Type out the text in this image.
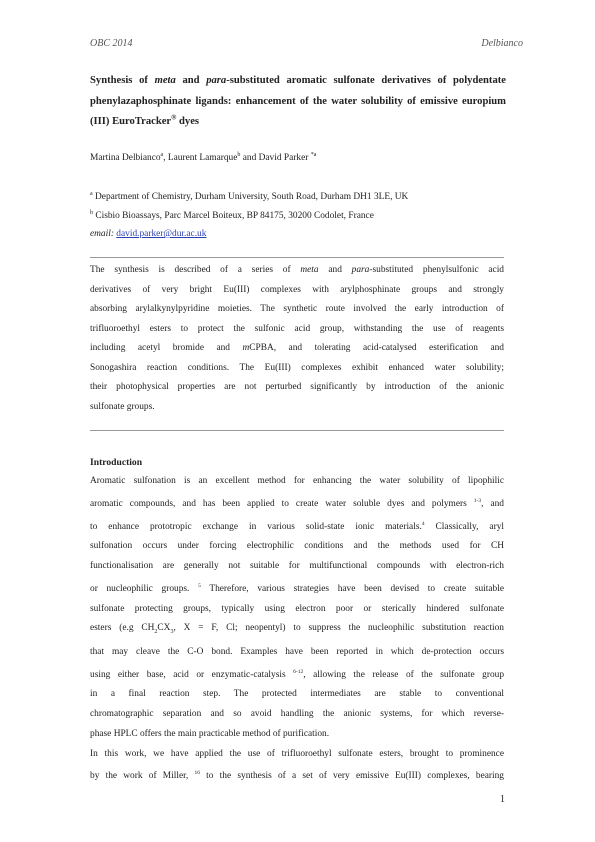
OBC 2014	Delbianco
Synthesis of meta and para-substituted aromatic sulfonate derivatives of polydentate phenylazaphosphinate ligands: enhancement of the water solubility of emissive europium (III) EuroTracker® dyes
Martina Delbianco$^a$, Laurent Lamarque$^b$ and David Parker $^{*a}$
$^a$ Department of Chemistry, Durham University, South Road, Durham DH1 3LE, UK
$^b$ Cisbio Bioassays, Parc Marcel Boiteux, BP 84175, 30200 Codolet, France
email: david.parker@dur.ac.uk
The synthesis is described of a series of meta and para-substituted phenylsulfonic acid
derivatives of very bright Eu(III) complexes with arylphosphinate groups and strongly
absorbing arylalkynylpyridine moieties. The synthetic route involved the early introduction of
trifluoroethyl esters to protect the sulfonic acid group, withstanding the use of reagents
including acetyl bromide and mCPBA, and tolerating acid-catalysed esterification and
Sonogashira reaction conditions. The Eu(III) complexes exhibit enhanced water solubility;
their photophysical properties are not perturbed significantly by introduction of the anionic
sulfonate groups.
Introduction

Aromatic sulfonation is an excellent method for enhancing the water solubility of lipophilic
aromatic compounds, and has been applied to create water soluble dyes and polymers $^{1-3}$, and
to enhance prototropic exchange in various solid-state ionic materials.$^4$ Classically, aryl
sulfonation occurs under forcing electrophilic conditions and the methods used for CH
functionalisation are generally not suitable for multifunctional compounds with electron-rich
or nucleophilic groups. $^5$ Therefore, various strategies have been devised to create suitable
sulfonate protecting groups, typically using electron poor or sterically hindered sulfonate
esters (e.g $CH_2CX_3$, X = F, Cl; neopentyl) to suppress the nucleophilic substitution reaction
that may cleave the C-O bond. Examples have been reported in which de-protection occurs
using either base, acid or enzymatic-catalysis $^{6-12}$, allowing the release of the sulfonate group
in a final reaction step. The protected intermediates are stable to conventional
chromatographic separation and so avoid handling the anionic systems, for which reverse-
phase HPLC offers the main practicable method of purification.

In this work, we have applied the use of trifluoroethyl sulfonate esters, brought to prominence
by the work of Miller, $^{16}$ to the synthesis of a set of very emissive Eu(III) complexes, bearing

1
